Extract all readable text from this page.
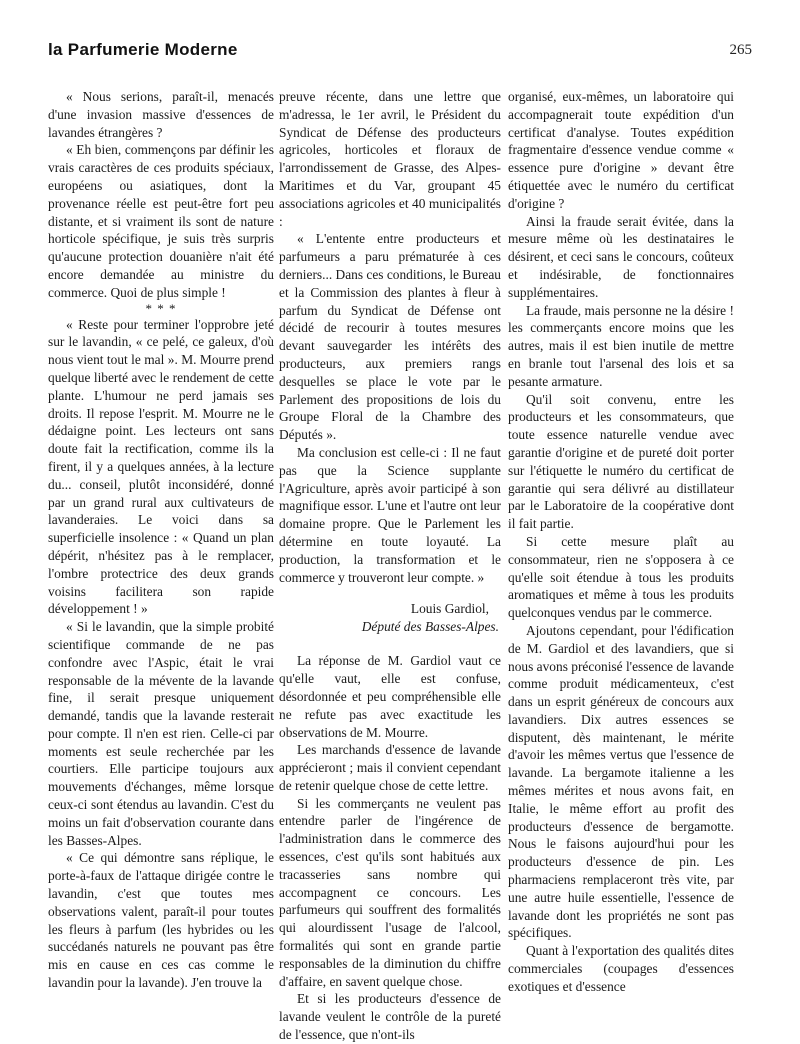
la Parfumerie Moderne	265

« Nous serions, paraît-il, menacés d'une invasion massive d'essences de lavandes étrangères ?

« Eh bien, commençons par définir les vrais caractères de ces produits spéciaux, européens ou asiatiques, dont la provenance réelle est peut-être fort peu distante, et si vraiment ils sont de nature horticole spécifique, je suis très surpris qu'aucune protection douanière n'ait été encore demandée au ministre du commerce. Quoi de plus simple !

* * *

« Reste pour terminer l'opprobre jeté sur le lavandin, « ce pelé, ce galeux, d'où nous vient tout le mal ». M. Mourre prend quelque liberté avec le rendement de cette plante. L'humour ne perd jamais ses droits. Il repose l'esprit. M. Mourre ne le dédaigne point. Les lecteurs ont sans doute fait la rectification, comme ils la firent, il y a quelques années, à la lecture du... conseil, plutôt inconsidéré, donné par un grand rural aux cultivateurs de lavanderaies. Le voici dans sa superficielle insolence : « Quand un plan dépérit, n'hésitez pas à le remplacer, l'ombre protectrice des deux grands voisins facilitera son rapide développement ! »

« Si le lavandin, que la simple probité scientifique commande de ne pas confondre avec l'Aspic, était le vrai responsable de la mévente de la lavande fine, il serait presque uniquement demandé, tandis que la lavande resterait pour compte. Il n'en est rien. Celle-ci par moments est seule recherchée par les courtiers. Elle participe toujours aux mouvements d'échanges, même lorsque ceux-ci sont étendus au lavandin. C'est du moins un fait d'observation courante dans les Basses-Alpes.

« Ce qui démontre sans réplique, le porte-à-faux de l'attaque dirigée contre le lavandin, c'est que toutes mes observations valent, paraît-il pour toutes les fleurs à parfum (les hybrides ou les succédanés naturels ne pouvant pas être mis en cause en ces cas comme le lavandin pour la lavande). J'en trouve la

preuve récente, dans une lettre que m'adressa, le 1er avril, le Président du Syndicat de Défense des producteurs agricoles, horticoles et floraux de l'arrondissement de Grasse, des Alpes-Maritimes et du Var, groupant 45 associations agricoles et 40 municipalités :

« L'entente entre producteurs et parfumeurs a paru prématurée à ces derniers... Dans ces conditions, le Bureau et la Commission des plantes à fleur à parfum du Syndicat de Défense ont décidé de recourir à toutes mesures devant sauvegarder les intérêts des producteurs, aux premiers rangs desquelles se place le vote par le Parlement des propositions de lois du Groupe Floral de la Chambre des Députés ».

Ma conclusion est celle-ci : Il ne faut pas que la Science supplante l'Agriculture, après avoir participé à son magnifique essor. L'une et l'autre ont leur domaine propre. Que le Parlement les détermine en toute loyauté. La production, la transformation et le commerce y trouveront leur compte. »

Louis Gardiol,
Député des Basses-Alpes.

La réponse de M. Gardiol vaut ce qu'elle vaut, elle est confuse, désordonnée et peu compréhensible elle ne refute pas avec exactitude les observations de M. Mourre.

Les marchands d'essence de lavande apprécieront ; mais il convient cependant de retenir quelque chose de cette lettre.

Si les commerçants ne veulent pas entendre parler de l'ingérence de l'administration dans le commerce des essences, c'est qu'ils sont habitués aux tracasseries sans nombre qui accompagnent ce concours. Les parfumeurs qui souffrent des formalités qui alourdissent l'usage de l'alcool, formalités qui sont en grande partie responsables de la diminution du chiffre d'affaire, en savent quelque chose.

Et si les producteurs d'essence de lavande veulent le contrôle de la pureté de l'essence, que n'ont-ils

organisé, eux-mêmes, un laboratoire qui accompagnerait toute expédition d'un certificat d'analyse. Toutes expédition fragmentaire d'essence vendue comme « essence pure d'origine » devant être étiquettée avec le numéro du certificat d'origine ?

Ainsi la fraude serait évitée, dans la mesure même où les destinataires le désirent, et ceci sans le concours, coûteux et indésirable, de fonctionnaires supplémentaires.

La fraude, mais personne ne la désire ! les commerçants encore moins que les autres, mais il est bien inutile de mettre en branle tout l'arsenal des lois et sa pesante armature.

Qu'il soit convenu, entre les producteurs et les consommateurs, que toute essence naturelle vendue avec garantie d'origine et de pureté doit porter sur l'étiquette le numéro du certificat de garantie qui sera délivré au distillateur par le Laboratoire de la coopérative dont il fait partie.

Si cette mesure plaît au consommateur, rien ne s'opposera à ce qu'elle soit étendue à tous les produits aromatiques et même à tous les produits quelconques vendus par le commerce.

Ajoutons cependant, pour l'édification de M. Gardiol et des lavandiers, que si nous avons préconisé l'essence de lavande comme produit médicamenteux, c'est dans un esprit généreux de concours aux lavandiers. Dix autres essences se disputent, dès maintenant, le mérite d'avoir les mêmes vertus que l'essence de lavande. La bergamote italienne a les mêmes mérites et nous avons fait, en Italie, le même effort au profit des producteurs d'essence de bergamotte. Nous le faisons aujourd'hui pour les producteurs d'essence de pin. Les pharmaciens remplaceront très vite, par une autre huile essentielle, l'essence de lavande dont les propriétés ne sont pas spécifiques.

Quant à l'exportation des qualités dites commerciales (coupages d'essences exotiques et d'essence
